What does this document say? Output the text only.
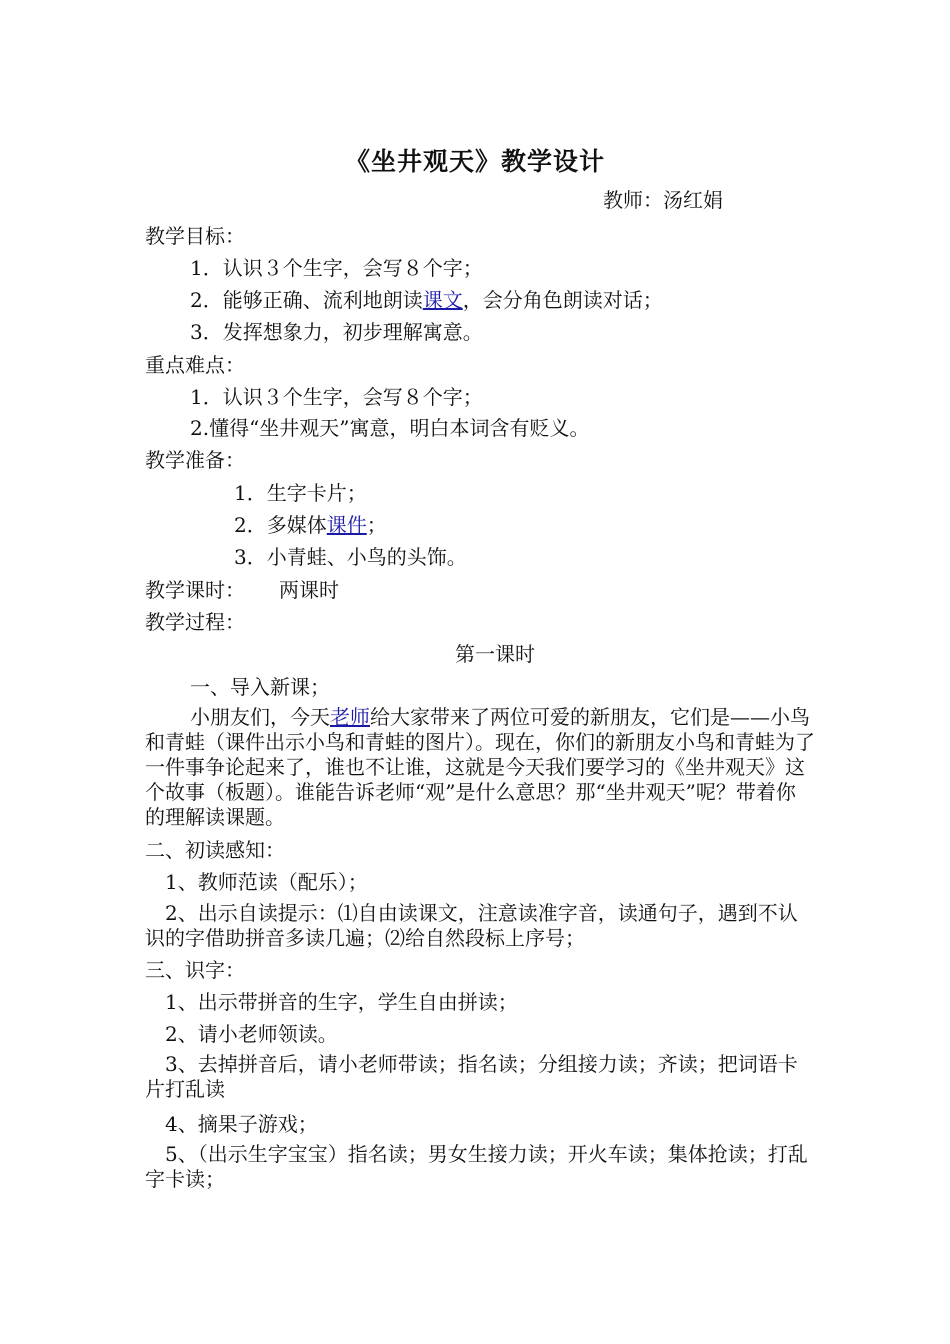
《坐井观天》教学设计
教师：汤红娟
教学目标：
1．认识３个生字，会写８个字；
2．能够正确、流利地朗读课文，会分角色朗读对话；
3．发挥想象力，初步理解寓意。
重点难点：
1．认识３个生字，会写８个字；
2.懂得“坐井观天”寓意，明白本词含有贬义。
教学准备：
1．生字卡片；
2．多媒体课件；
3．小青蛙、小鸟的头饰。
教学课时： 两课时
教学过程：
第一课时
一、导入新课；
小朋友们，今天老师给大家带来了两位可爱的新朋友，它们是——小鸟和青蛙（课件出示小鸟和青蛙的图片）。现在，你们的新朋友小鸟和青蛙为了一件事争论起来了，谁也不让谁，这就是今天我们要学习的《坐井观天》这个故事（板题）。谁能告诉老师“观”是什么意思？那“坐井观天”呢？带着你的理解读课题。
二、初读感知：
1、教师范读（配乐）；
2、出示自读提示：⑴自由读课文，注意读准字音，读通句子，遇到不认识的字借助拼音多读几遍；⑵给自然段标上序号；
三、识字：
1、出示带拼音的生字，学生自由拼读；
2、请小老师领读。
3、去掉拼音后，请小老师带读；指名读；分组接力读；齐读；把词语卡片打乱读
4、摘果子游戏；
5、（出示生字宝宝）指名读；男女生接力读；开火车读；集体抢读；打乱字卡读；
